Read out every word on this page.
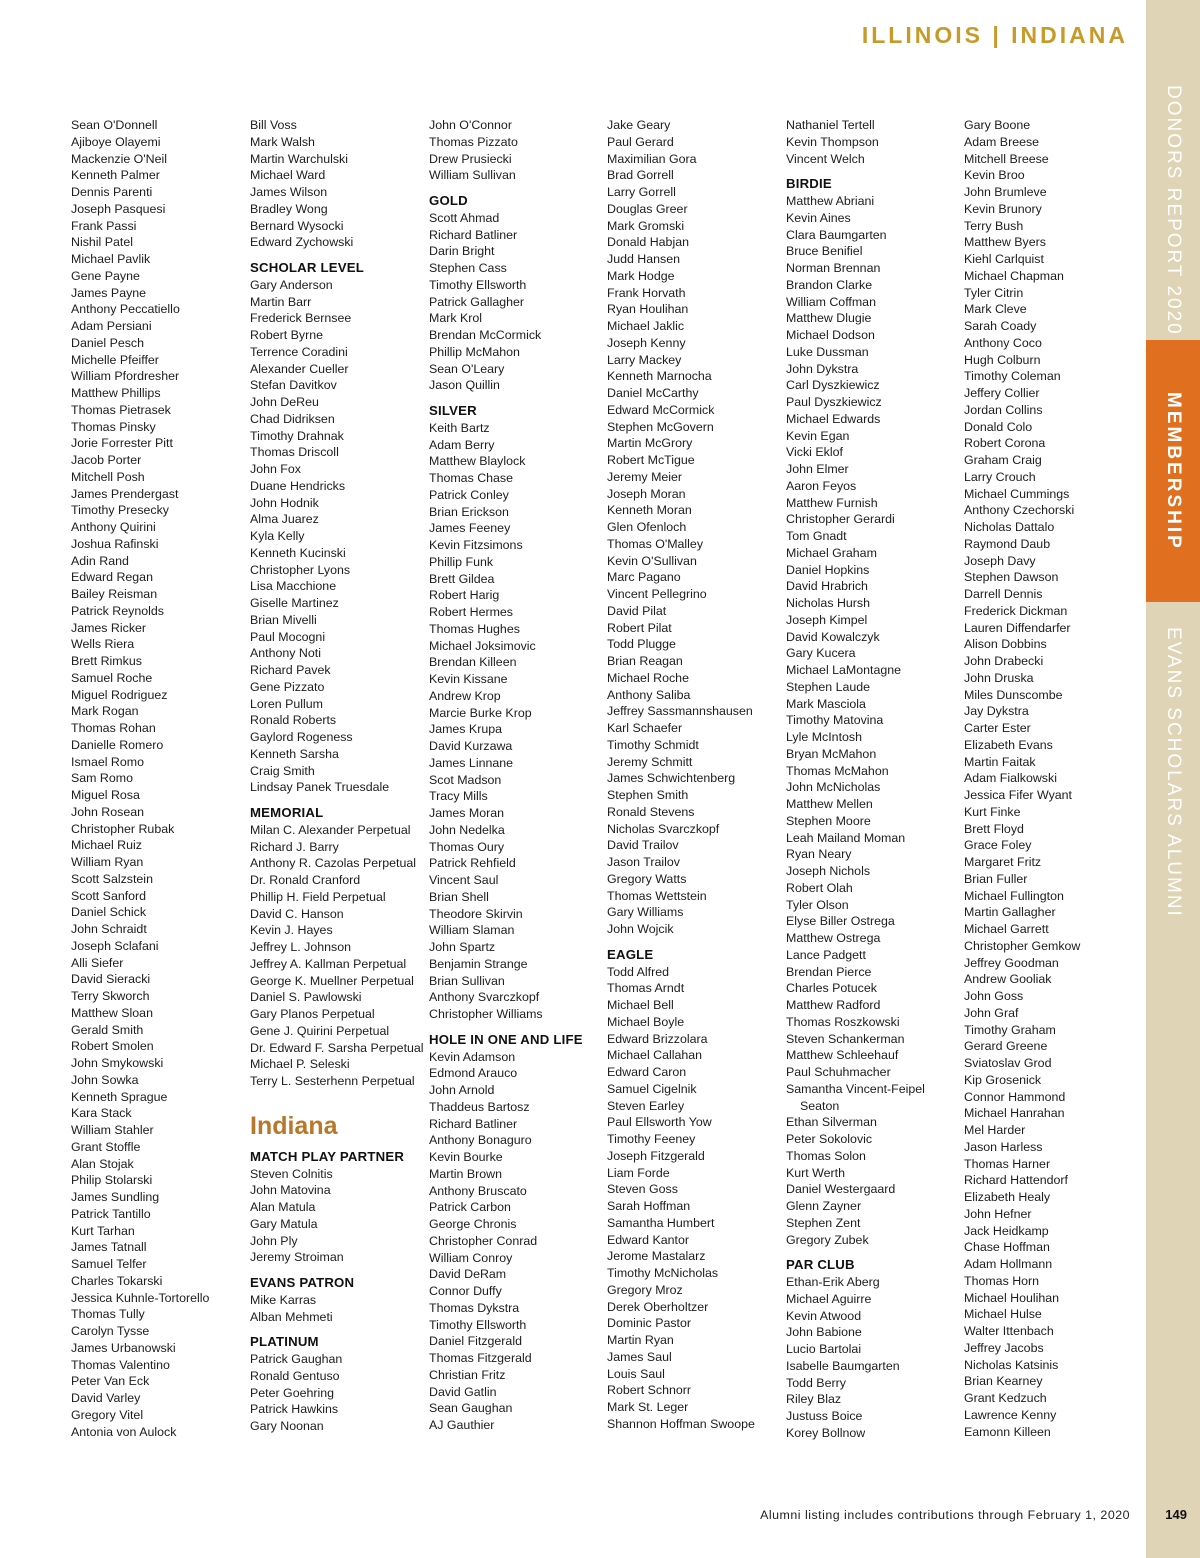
ILLINOIS | INDIANA
DONORS REPORT 2020
MEMBERSHIP
EVANS SCHOLARS ALUMNI
Sean O'Donnell
Ajiboye Olayemi
Mackenzie O'Neil
Kenneth Palmer
Dennis Parenti
Joseph Pasquesi
Frank Passi
Nishil Patel
Michael Pavlik
Gene Payne
James Payne
Anthony Peccatiello
Adam Persiani
Daniel Pesch
Michelle Pfeiffer
William Pfordresher
Matthew Phillips
Thomas Pietrasek
Thomas Pinsky
Jorie Forrester Pitt
Jacob Porter
Mitchell Posh
James Prendergast
Timothy Presecky
Anthony Quirini
Joshua Rafinski
Adin Rand
Edward Regan
Bailey Reisman
Patrick Reynolds
James Ricker
Wells Riera
Brett Rimkus
Samuel Roche
Miguel Rodriguez
Mark Rogan
Thomas Rohan
Danielle Romero
Ismael Romo
Sam Romo
Miguel Rosa
John Rosean
Christopher Rubak
Michael Ruiz
William Ryan
Scott Salzstein
Scott Sanford
Daniel Schick
John Schraidt
Joseph Sclafani
Alli Siefer
David Sieracki
Terry Skworch
Matthew Sloan
Gerald Smith
Robert Smolen
John Smykowski
John Sowka
Kenneth Sprague
Kara Stack
William Stahler
Grant Stoffle
Alan Stojak
Philip Stolarski
James Sundling
Patrick Tantillo
Kurt Tarhan
James Tatnall
Samuel Telfer
Charles Tokarski
Jessica Kuhnle-Tortorello
Thomas Tully
Carolyn Tysse
James Urbanowski
Thomas Valentino
Peter Van Eck
David Varley
Gregory Vitel
Antonia von Aulock
Bill Voss
Mark Walsh
Martin Warchulski
Michael Ward
James Wilson
Bradley Wong
Bernard Wysocki
Edward Zychowski
SCHOLAR LEVEL
Gary Anderson
Martin Barr
Frederick Bernsee
Robert Byrne
Terrence Coradini
Alexander Cueller
Stefan Davitkov
John DeReu
Chad Didriksen
Timothy Drahnak
Thomas Driscoll
John Fox
Duane Hendricks
John Hodnik
Alma Juarez
Kyla Kelly
Kenneth Kucinski
Christopher Lyons
Lisa Macchione
Giselle Martinez
Brian Mivelli
Paul Mocogni
Anthony Noti
Richard Pavek
Gene Pizzato
Loren Pullum
Ronald Roberts
Gaylord Rogeness
Kenneth Sarsha
Craig Smith
Lindsay Panek Truesdale
MEMORIAL
Milan C. Alexander Perpetual
Richard J. Barry
Anthony R. Cazolas Perpetual
Dr. Ronald Cranford
Phillip H. Field Perpetual
David C. Hanson
Kevin J. Hayes
Jeffrey L. Johnson
Jeffrey A. Kallman Perpetual
George K. Muellner Perpetual
Daniel S. Pawlowski
Gary Planos Perpetual
Gene J. Quirini Perpetual
Dr. Edward F. Sarsha Perpetual
Michael P. Seleski
Terry L. Sesterhenn Perpetual
Indiana
MATCH PLAY PARTNER
Steven Colnitis
John Matovina
Alan Matula
Gary Matula
John Ply
Jeremy Stroiman
EVANS PATRON
Mike Karras
Alban Mehmeti
PLATINUM
Patrick Gaughan
Ronald Gentuso
Peter Goehring
Patrick Hawkins
Gary Noonan
John O'Connor
Thomas Pizzato
Drew Prusiecki
William Sullivan
GOLD
Scott Ahmad
Richard Batliner
Darin Bright
Stephen Cass
Timothy Ellsworth
Patrick Gallagher
Mark Krol
Brendan McCormick
Phillip McMahon
Sean O'Leary
Jason Quillin
SILVER
Keith Bartz
Adam Berry
Matthew Blaylock
Thomas Chase
Patrick Conley
Brian Erickson
James Feeney
Kevin Fitzsimons
Phillip Funk
Brett Gildea
Robert Harig
Robert Hermes
Thomas Hughes
Michael Joksimovic
Brendan Killeen
Kevin Kissane
Andrew Krop
Marcie Burke Krop
James Krupa
David Kurzawa
James Linnane
Scot Madson
Tracy Mills
James Moran
John Nedelka
Thomas Oury
Patrick Rehfield
Vincent Saul
Brian Shell
Theodore Skirvin
William Slaman
John Spartz
Benjamin Strange
Brian Sullivan
Anthony Svarczkopf
Christopher Williams
HOLE IN ONE AND LIFE
Kevin Adamson
Edmond Arauco
John Arnold
Thaddeus Bartosz
Richard Batliner
Anthony Bonaguro
Kevin Bourke
Martin Brown
Anthony Bruscato
Patrick Carbon
George Chronis
Christopher Conrad
William Conroy
David DeRam
Connor Duffy
Thomas Dykstra
Timothy Ellsworth
Daniel Fitzgerald
Thomas Fitzgerald
Christian Fritz
David Gatlin
Sean Gaughan
AJ Gauthier
Jake Geary
Paul Gerard
Maximilian Gora
Brad Gorrell
Larry Gorrell
Douglas Greer
Mark Gromski
Donald Habjan
Judd Hansen
Mark Hodge
Frank Horvath
Ryan Houlihan
Michael Jaklic
Joseph Kenny
Larry Mackey
Kenneth Marnocha
Daniel McCarthy
Edward McCormick
Stephen McGovern
Martin McGrory
Robert McTigue
Jeremy Meier
Joseph Moran
Kenneth Moran
Glen Ofenloch
Thomas O'Malley
Kevin O'Sullivan
Marc Pagano
Vincent Pellegrino
David Pilat
Robert Pilat
Todd Plugge
Brian Reagan
Michael Roche
Anthony Saliba
Jeffrey Sassmannshausen
Karl Schaefer
Timothy Schmidt
Jeremy Schmitt
James Schwichtenberg
Stephen Smith
Ronald Stevens
Nicholas Svarczkopf
David Trailov
Jason Trailov
Gregory Watts
Thomas Wettstein
Gary Williams
John Wojcik
EAGLE
Todd Alfred
Thomas Arndt
Michael Bell
Michael Boyle
Edward Brizzolara
Michael Callahan
Edward Caron
Samuel Cigelnik
Steven Earley
Paul Ellsworth Yow
Timothy Feeney
Joseph Fitzgerald
Liam Forde
Steven Goss
Sarah Hoffman
Samantha Humbert
Edward Kantor
Jerome Mastalarz
Timothy McNicholas
Gregory Mroz
Derek Oberholtzer
Dominic Pastor
Martin Ryan
James Saul
Louis Saul
Robert Schnorr
Mark St. Leger
Shannon Hoffman Swoope
Nathaniel Tertell
Kevin Thompson
Vincent Welch
BIRDIE
Matthew Abriani
Kevin Aines
Clara Baumgarten
Bruce Benifiel
Norman Brennan
Brandon Clarke
William Coffman
Matthew Dlugie
Michael Dodson
Luke Dussman
John Dykstra
Carl Dyszkiewicz
Paul Dyszkiewicz
Michael Edwards
Kevin Egan
Vicki Eklof
John Elmer
Aaron Feyos
Matthew Furnish
Christopher Gerardi
Tom Gnadt
Michael Graham
Daniel Hopkins
David Hrabrich
Nicholas Hursh
Joseph Kimpel
David Kowalczyk
Gary Kucera
Michael LaMontagne
Stephen Laude
Mark Masciola
Timothy Matovina
Lyle McIntosh
Bryan McMahon
Thomas McMahon
John McNicholas
Matthew Mellen
Stephen Moore
Leah Mailand Moman
Ryan Neary
Joseph Nichols
Robert Olah
Tyler Olson
Elyse Biller Ostrega
Matthew Ostrega
Lance Padgett
Brendan Pierce
Charles Potucek
Matthew Radford
Thomas Roszkowski
Steven Schankerman
Matthew Schleehauf
Paul Schuhmacher
Samantha Vincent-Feipel
Seaton
Ethan Silverman
Peter Sokolovic
Thomas Solon
Kurt Werth
Daniel Westergaard
Glenn Zayner
Stephen Zent
Gregory Zubek
PAR CLUB
Ethan-Erik Aberg
Michael Aguirre
Kevin Atwood
John Babione
Lucio Bartolai
Isabelle Baumgarten
Todd Berry
Riley Blaz
Justuss Boice
Korey Bollnow
Gary Boone
Adam Breese
Mitchell Breese
Kevin Broo
John Brumleve
Kevin Brunory
Terry Bush
Matthew Byers
Kiehl Carlquist
Michael Chapman
Tyler Citrin
Mark Cleve
Sarah Coady
Anthony Coco
Hugh Colburn
Timothy Coleman
Jeffery Collier
Jordan Collins
Donald Colo
Robert Corona
Graham Craig
Larry Crouch
Michael Cummings
Anthony Czechorski
Nicholas Dattalo
Raymond Daub
Joseph Davy
Stephen Dawson
Darrell Dennis
Frederick Dickman
Lauren Diffendarfer
Alison Dobbins
John Drabecki
John Druska
Miles Dunscombe
Jay Dykstra
Carter Ester
Elizabeth Evans
Martin Faitak
Adam Fialkowski
Jessica Fifer Wyant
Kurt Finke
Brett Floyd
Grace Foley
Margaret Fritz
Brian Fuller
Michael Fullington
Martin Gallagher
Michael Garrett
Christopher Gemkow
Jeffrey Goodman
Andrew Gooliak
John Goss
John Graf
Timothy Graham
Gerard Greene
Sviatoslav Grod
Kip Grosenick
Connor Hammond
Michael Hanrahan
Mel Harder
Jason Harless
Thomas Harner
Richard Hattendorf
Elizabeth Healy
John Hefner
Jack Heidkamp
Chase Hoffman
Adam Hollmann
Thomas Horn
Michael Houlihan
Michael Hulse
Walter Ittenbach
Jeffrey Jacobs
Nicholas Katsinis
Brian Kearney
Grant Kedzuch
Lawrence Kenny
Eamonn Killeen
Alumni listing includes contributions through February 1, 2020	149
